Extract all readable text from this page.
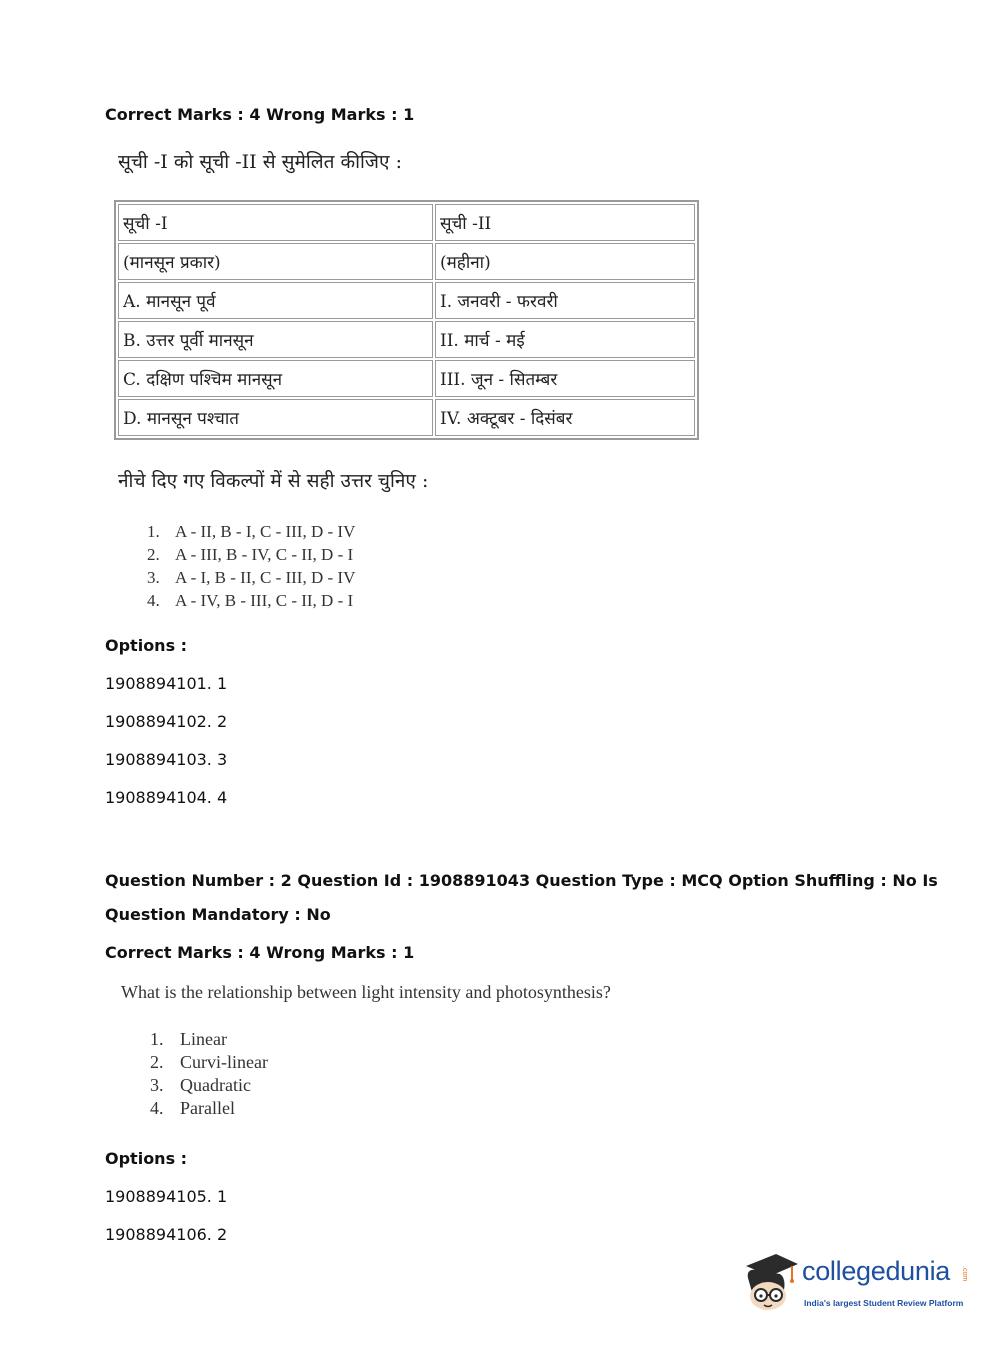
Correct Marks : 4 Wrong Marks : 1
सूची -I को सूची -II से सुमेलित कीजिए :
सूची -I	सूची -II
(मानसून प्रकार)	(महीना)
A. मानसून पूर्व	I. जनवरी - फरवरी
B. उत्तर पूर्वी मानसून	II. मार्च - मई
C. दक्षिण पश्चिम मानसून	III. जून - सितम्बर
D. मानसून पश्चात	IV. अक्टूबर - दिसंबर
नीचे दिए गए विकल्पों में से सही उत्तर चुनिए :
1. A - II, B - I, C - III, D - IV
2. A - III, B - IV, C - II, D - I
3. A - I, B - II, C - III, D - IV
4. A - IV, B - III, C - II, D - I
Options :
1908894101. 1
1908894102. 2
1908894103. 3
1908894104. 4
Question Number : 2 Question Id : 1908891043 Question Type : MCQ Option Shuffling : No Is
Question Mandatory : No
Correct Marks : 4 Wrong Marks : 1
What is the relationship between light intensity and photosynthesis?
1. Linear
2. Curvi-linear
3. Quadratic
4. Parallel
Options :
1908894105. 1
1908894106. 2
collegedunia .com
India's largest Student Review Platform
